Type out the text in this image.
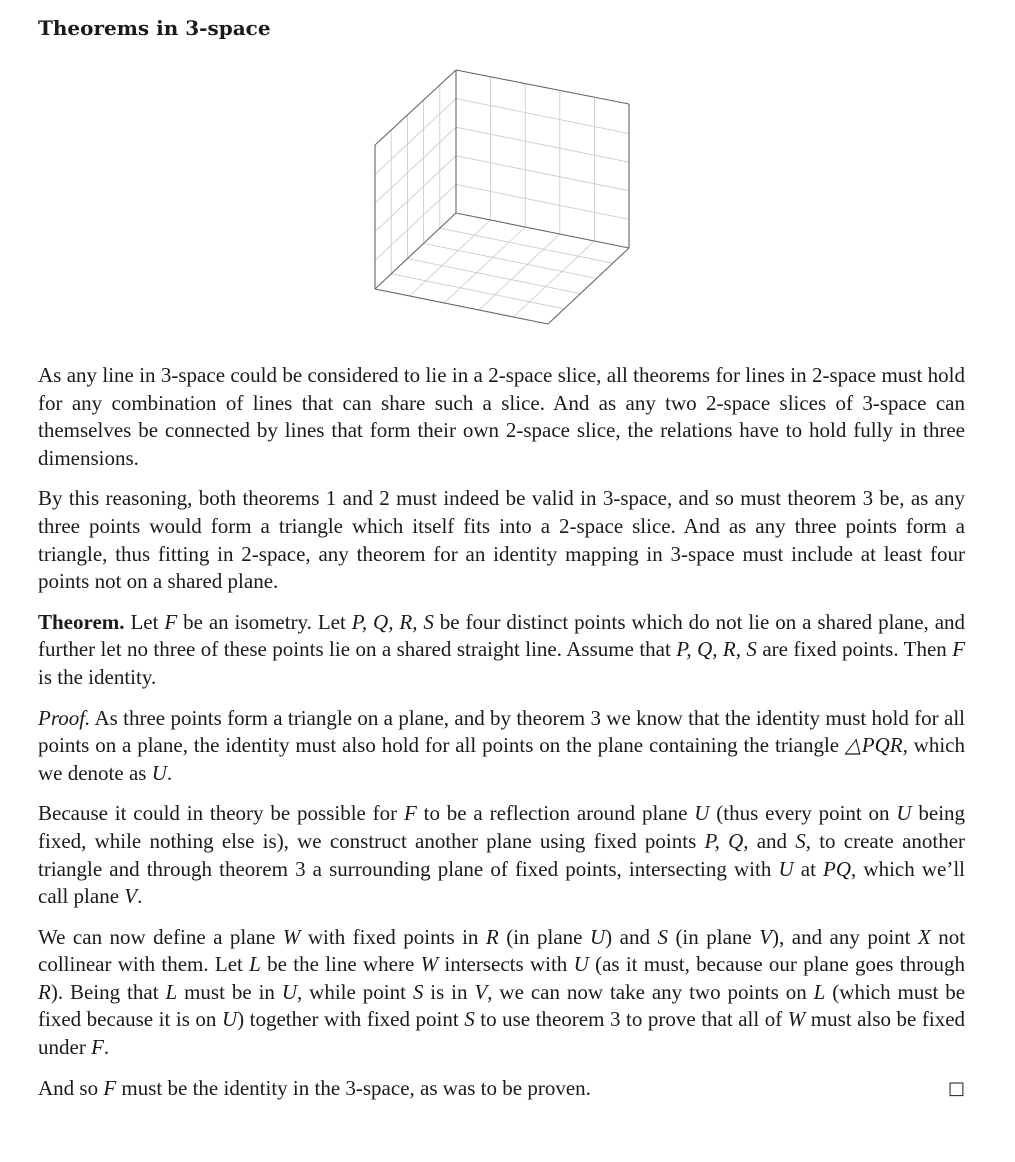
Theorems in 3-space

As any line in 3-space could be considered to lie in a 2-space slice, all theorems for lines in 2-space must hold for any combination of lines that can share such a slice. And as any two 2-space slices of 3-space can themselves be connected by lines that form their own 2-space slice, the relations have to hold fully in three dimensions.

By this reasoning, both theorems 1 and 2 must indeed be valid in 3-space, and so must theorem 3 be, as any three points would form a triangle which itself fits into a 2-space slice. And as any three points form a triangle, thus fitting in 2-space, any theorem for an identity mapping in 3-space must include at least four points not on a shared plane.

Theorem. Let F be an isometry. Let P, Q, R, S be four distinct points which do not lie on a shared plane, and further let no three of these points lie on a shared straight line. Assume that P, Q, R, S are fixed points. Then F is the identity.

Proof. As three points form a triangle on a plane, and by theorem 3 we know that the identity must hold for all points on a plane, the identity must also hold for all points on the plane containing the triangle △PQR, which we denote as U.

Because it could in theory be possible for F to be a reflection around plane U (thus every point on U being fixed, while nothing else is), we construct another plane using fixed points P, Q, and S, to create another triangle and through theorem 3 a surrounding plane of fixed points, intersecting with U at PQ, which we’ll call plane V.

We can now define a plane W with fixed points in R (in plane U) and S (in plane V), and any point X not collinear with them. Let L be the line where W intersects with U (as it must, because our plane goes through R). Being that L must be in U, while point S is in V, we can now take any two points on L (which must be fixed because it is on U) together with fixed point S to use theorem 3 to prove that all of W must also be fixed under F.

And so F must be the identity in the 3-space, as was to be proven.	□
